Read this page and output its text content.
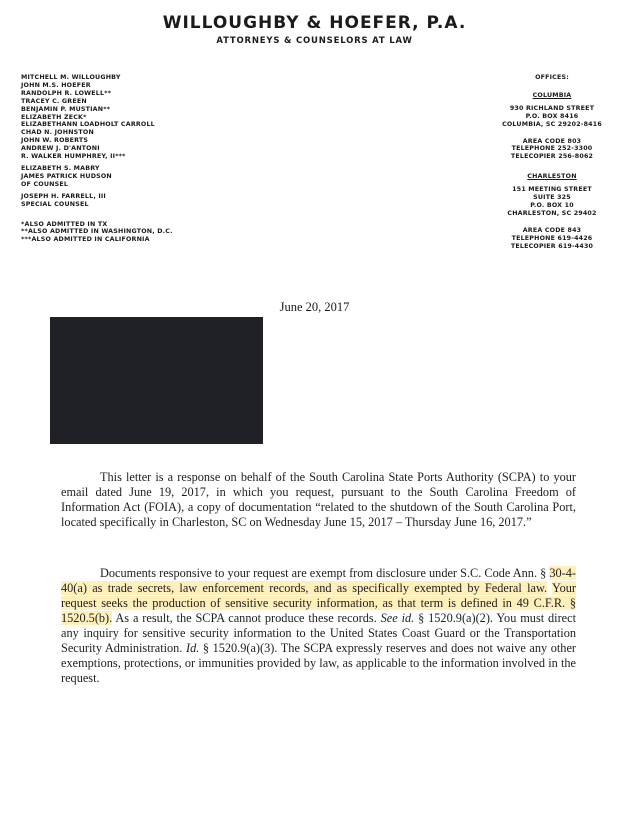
WILLOUGHBY & HOEFER, P.A.
ATTORNEYS & COUNSELORS AT LAW
MITCHELL M. WILLOUGHBY
JOHN M.S. HOEFER
RANDOLPH R. LOWELL**
TRACEY C. GREEN
BENJAMIN P. MUSTIAN**
ELIZABETH ZECK*
ELIZABETHANN LOADHOLT CARROLL
CHAD N. JOHNSTON
JOHN W. ROBERTS
ANDREW J. D'ANTONI
R. WALKER HUMPHREY, II***
ELIZABETH S. MABRY
JAMES PATRICK HUDSON
OF COUNSEL
JOSEPH H. FARRELL, III
SPECIAL COUNSEL
*ALSO ADMITTED IN TX
**ALSO ADMITTED IN WASHINGTON, D.C.
***ALSO ADMITTED IN CALIFORNIA
OFFICES:
COLUMBIA
930 RICHLAND STREET
P.O. BOX 8416
COLUMBIA, SC 29202-8416
AREA CODE 803
TELEPHONE 252-3300
TELECOPIER 256-8062
CHARLESTON
151 MEETING STREET
SUITE 325
P.O. BOX 10
CHARLESTON, SC 29402
AREA CODE 843
TELEPHONE 619-4426
TELECOPIER 619-4430
June 20, 2017

This letter is a response on behalf of the South Carolina State Ports Authority (SCPA) to your email dated June 19, 2017, in which you request, pursuant to the South Carolina Freedom of Information Act (FOIA), a copy of documentation “related to the shutdown of the South Carolina Port, located specifically in Charleston, SC on Wednesday June 15, 2017 – Thursday June 16, 2017.”

Documents responsive to your request are exempt from disclosure under S.C. Code Ann. § 30-4-40(a) as trade secrets, law enforcement records, and as specifically exempted by Federal law. Your request seeks the production of sensitive security information, as that term is defined in 49 C.F.R. § 1520.5(b). As a result, the SCPA cannot produce these records. See id. § 1520.9(a)(2). You must direct any inquiry for sensitive security information to the United States Coast Guard or the Transportation Security Administration. Id. § 1520.9(a)(3). The SCPA expressly reserves and does not waive any other exemptions, protections, or immunities provided by law, as applicable to the information involved in the request.
